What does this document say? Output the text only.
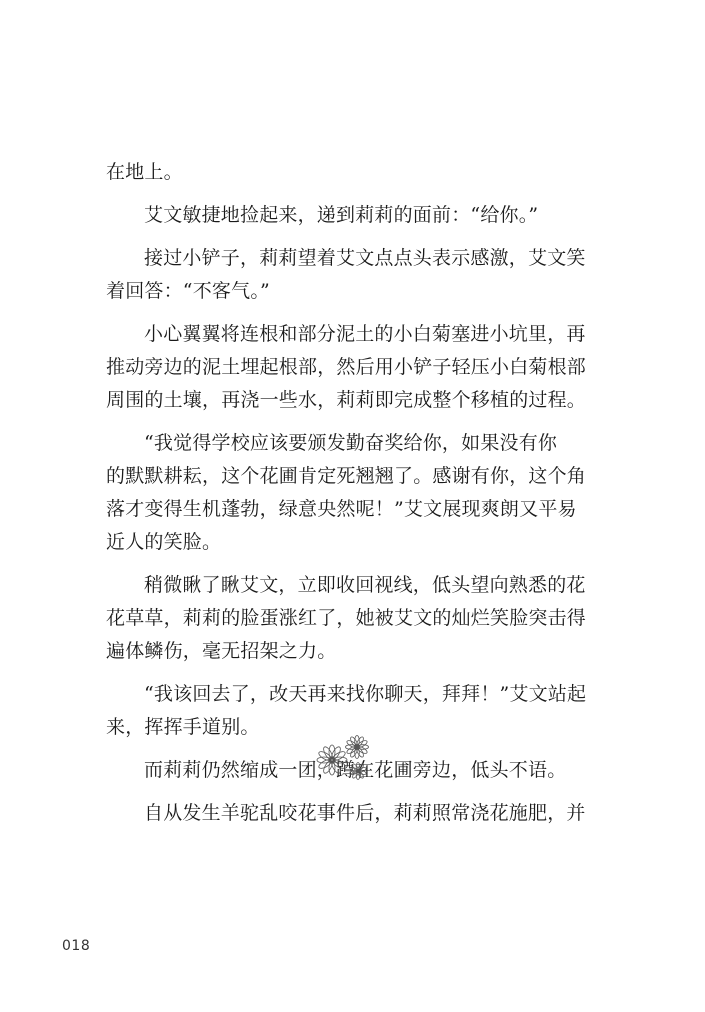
在地上。
艾文敏捷地捡起来，递到莉莉的面前：“给你。”
接过小铲子，莉莉望着艾文点点头表示感激，艾文笑
着回答：“不客气。”
小心翼翼将连根和部分泥土的小白菊塞进小坑里，再
推动旁边的泥土埋起根部，然后用小铲子轻压小白菊根部
周围的土壤，再浇一些水，莉莉即完成整个移植的过程。
“我觉得学校应该要颁发勤奋奖给你，如果没有你
的默默耕耘，这个花圃肯定死翘翘了。感谢有你，这个角
落才变得生机蓬勃，绿意央然呢！”艾文展现爽朗又平易
近人的笑脸。
稍微瞅了瞅艾文，立即收回视线，低头望向熟悉的花
花草草，莉莉的脸蛋涨红了，她被艾文的灿烂笑脸突击得
遍体鳞伤，毫无招架之力。
“我该回去了，改天再来找你聊天，拜拜！”艾文站起
来，挥挥手道别。
而莉莉仍然缩成一团，蹲在花圃旁边，低头不语。
自从发生羊驼乱咬花事件后，莉莉照常浇花施肥，并
018
